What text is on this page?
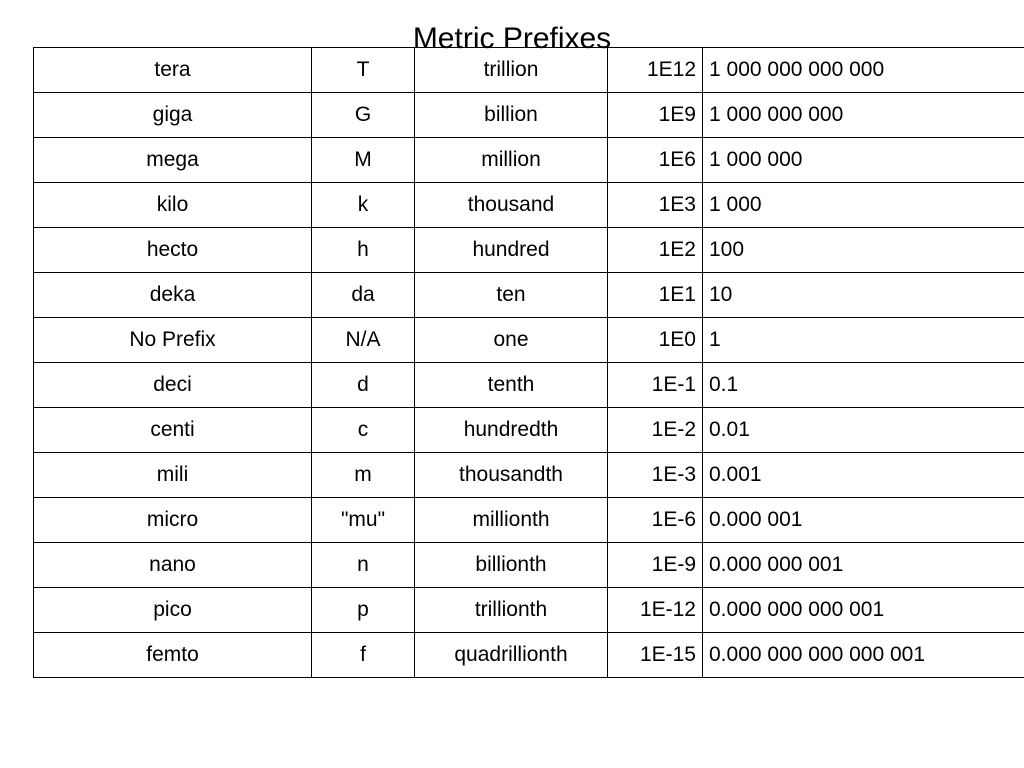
Metric Prefixes
tera	T	trillion	1E12	1 000 000 000 000
giga	G	billion	1E9	1 000 000 000
mega	M	million	1E6	1 000 000
kilo	k	thousand	1E3	1 000
hecto	h	hundred	1E2	100
deka	da	ten	1E1	10
No Prefix	N/A	one	1E0	1
deci	d	tenth	1E-1	0.1
centi	c	hundredth	1E-2	0.01
mili	m	thousandth	1E-3	0.001
micro	"mu"	millionth	1E-6	0.000 001
nano	n	billionth	1E-9	0.000 000 001
pico	p	trillionth	1E-12	0.000 000 000 001
femto	f	quadrillionth	1E-15	0.000 000 000 000 001
